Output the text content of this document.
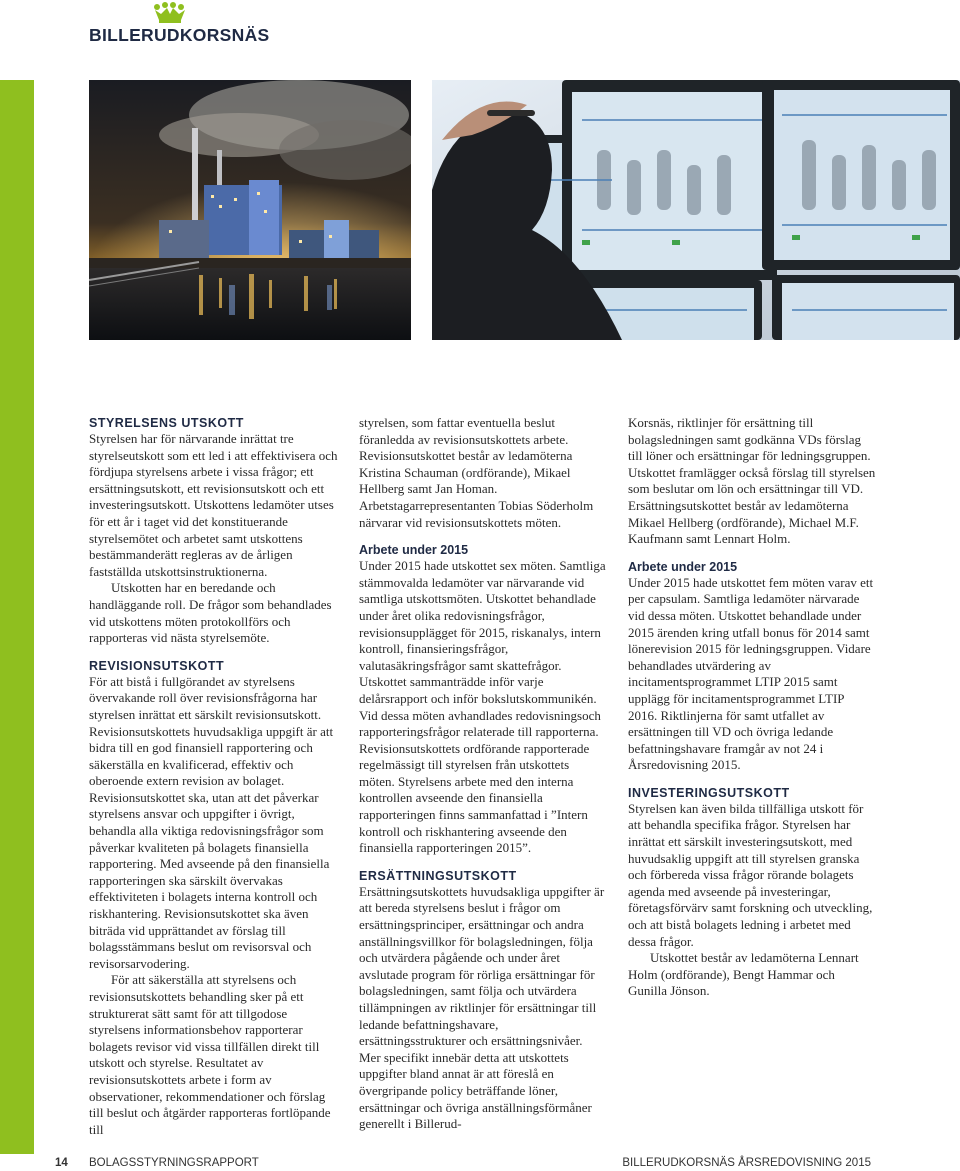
BILLERUDKORSNÄS
STYRELSENS UTSKOTT

Styrelsen har för närvarande inrättat tre styrelseutskott som ett led i att effektivisera och fördjupa styrelsens arbete i vissa frågor; ett ersättningsutskott, ett revisionsutskott och ett investeringsutskott. Utskottens ledamöter utses för ett år i taget vid det konstituerande styrelsemötet och arbetet samt utskottens bestämmanderätt regleras av de årligen fastställda utskottsinstruktionerna.

Utskotten har en beredande och handläggande roll. De frågor som behandlades vid utskottens möten protokollförs och rapporteras vid nästa styrelsemöte.

REVISIONSUTSKOTT

För att bistå i fullgörandet av styrelsens övervakande roll över revisionsfrågorna har styrelsen inrättat ett särskilt revisionsutskott. Revisionsutskottets huvudsakliga uppgift är att bidra till en god finansiell rapportering och säkerställa en kvalificerad, effektiv och oberoende extern revision av bolaget. Revisionsutskottet ska, utan att det påverkar styrelsens ansvar och uppgifter i övrigt, behandla alla viktiga redovisningsfrågor som påverkar kvaliteten på bolagets finansiella rapportering. Med avseende på den finansiella rapporteringen ska särskilt övervakas effektiviteten i bolagets interna kontroll och riskhantering. Revisionsutskottet ska även biträda vid upprättandet av förslag till bolagsstämmans beslut om revisorsval och revisorsarvodering.

För att säkerställa att styrelsens och revisionsutskottets behandling sker på ett strukturerat sätt samt för att tillgodose styrelsens informationsbehov rapporterar bolagets revisor vid vissa tillfällen direkt till utskott och styrelse. Resultatet av revisionsutskottets arbete i form av observationer, rekommendationer och förslag till beslut och åtgärder rapporteras fortlöpande till

styrelsen, som fattar eventuella beslut föranledda av revisionsutskottets arbete. Revisionsutskottet består av ledamöterna Kristina Schauman (ordförande), Mikael Hellberg samt Jan Homan. Arbetstagarrepresentanten Tobias Söderholm närvarar vid revisionsutskottets möten.

Arbete under 2015

Under 2015 hade utskottet sex möten. Samtliga stämmovalda ledamöter var närvarande vid samtliga utskottsmöten. Utskottet behandlade under året olika redovisningsfrågor, revisionsupplägget för 2015, riskanalys, intern kontroll, finansieringsfrågor, valutasäkringsfrågor samt skattefrågor. Utskottet sammanträdde inför varje delårsrapport och inför bokslutskommunikén. Vid dessa möten avhandlades redovisningsoch rapporteringsfrågor relaterade till rapporterna. Revisionsutskottets ordförande rapporterade regelmässigt till styrelsen från utskottets möten. Styrelsens arbete med den interna kontrollen avseende den finansiella rapporteringen finns sammanfattad i ”Intern kontroll och riskhantering avseende den finansiella rapporteringen 2015”.

ERSÄTTNINGSUTSKOTT

Ersättningsutskottets huvudsakliga uppgifter är att bereda styrelsens beslut i frågor om ersättningsprinciper, ersättningar och andra anställningsvillkor för bolagsledningen, följa och utvärdera pågående och under året avslutade program för rörliga ersättningar för bolagsledningen, samt följa och utvärdera tillämpningen av riktlinjer för ersättningar till ledande befattningshavare, ersättningsstrukturer och ersättningsnivåer. Mer specifikt innebär detta att utskottets uppgifter bland annat är att föreslå en övergripande policy beträffande löner, ersättningar och övriga anställningsförmåner generellt i Billerud-

Korsnäs, riktlinjer för ersättning till bolagsledningen samt godkänna VDs förslag till löner och ersättningar för ledningsgruppen. Utskottet framlägger också förslag till styrelsen som beslutar om lön och ersättningar till VD. Ersättningsutskottet består av ledamöterna Mikael Hellberg (ordförande), Michael M.F. Kaufmann samt Lennart Holm.

Arbete under 2015

Under 2015 hade utskottet fem möten varav ett per capsulam. Samtliga ledamöter närvarade vid dessa möten. Utskottet behandlade under 2015 ärenden kring utfall bonus för 2014 samt lönerevision 2015 för ledningsgruppen. Vidare behandlades utvärdering av incitamentsprogrammet LTIP 2015 samt upplägg för incitamentsprogrammet LTIP 2016. Riktlinjerna för samt utfallet av ersättningen till VD och övriga ledande befattningshavare framgår av not 24 i Årsredovisning 2015.

INVESTERINGSUTSKOTT

Styrelsen kan även bilda tillfälliga utskott för att behandla specifika frågor. Styrelsen har inrättat ett särskilt investeringsutskott, med huvudsaklig uppgift att till styrelsen granska och förbereda vissa frågor rörande bolagets agenda med avseende på investeringar, företagsförvärv samt forskning och utveckling, och att bistå bolagets ledning i arbetet med dessa frågor.

Utskottet består av ledamöterna Lennart Holm (ordförande), Bengt Hammar och Gunilla Jönson.

14 BOLAGSSTYRNINGSRAPPORT	BILLERUDKORSNÄS ÅRSREDOVISNING 2015
